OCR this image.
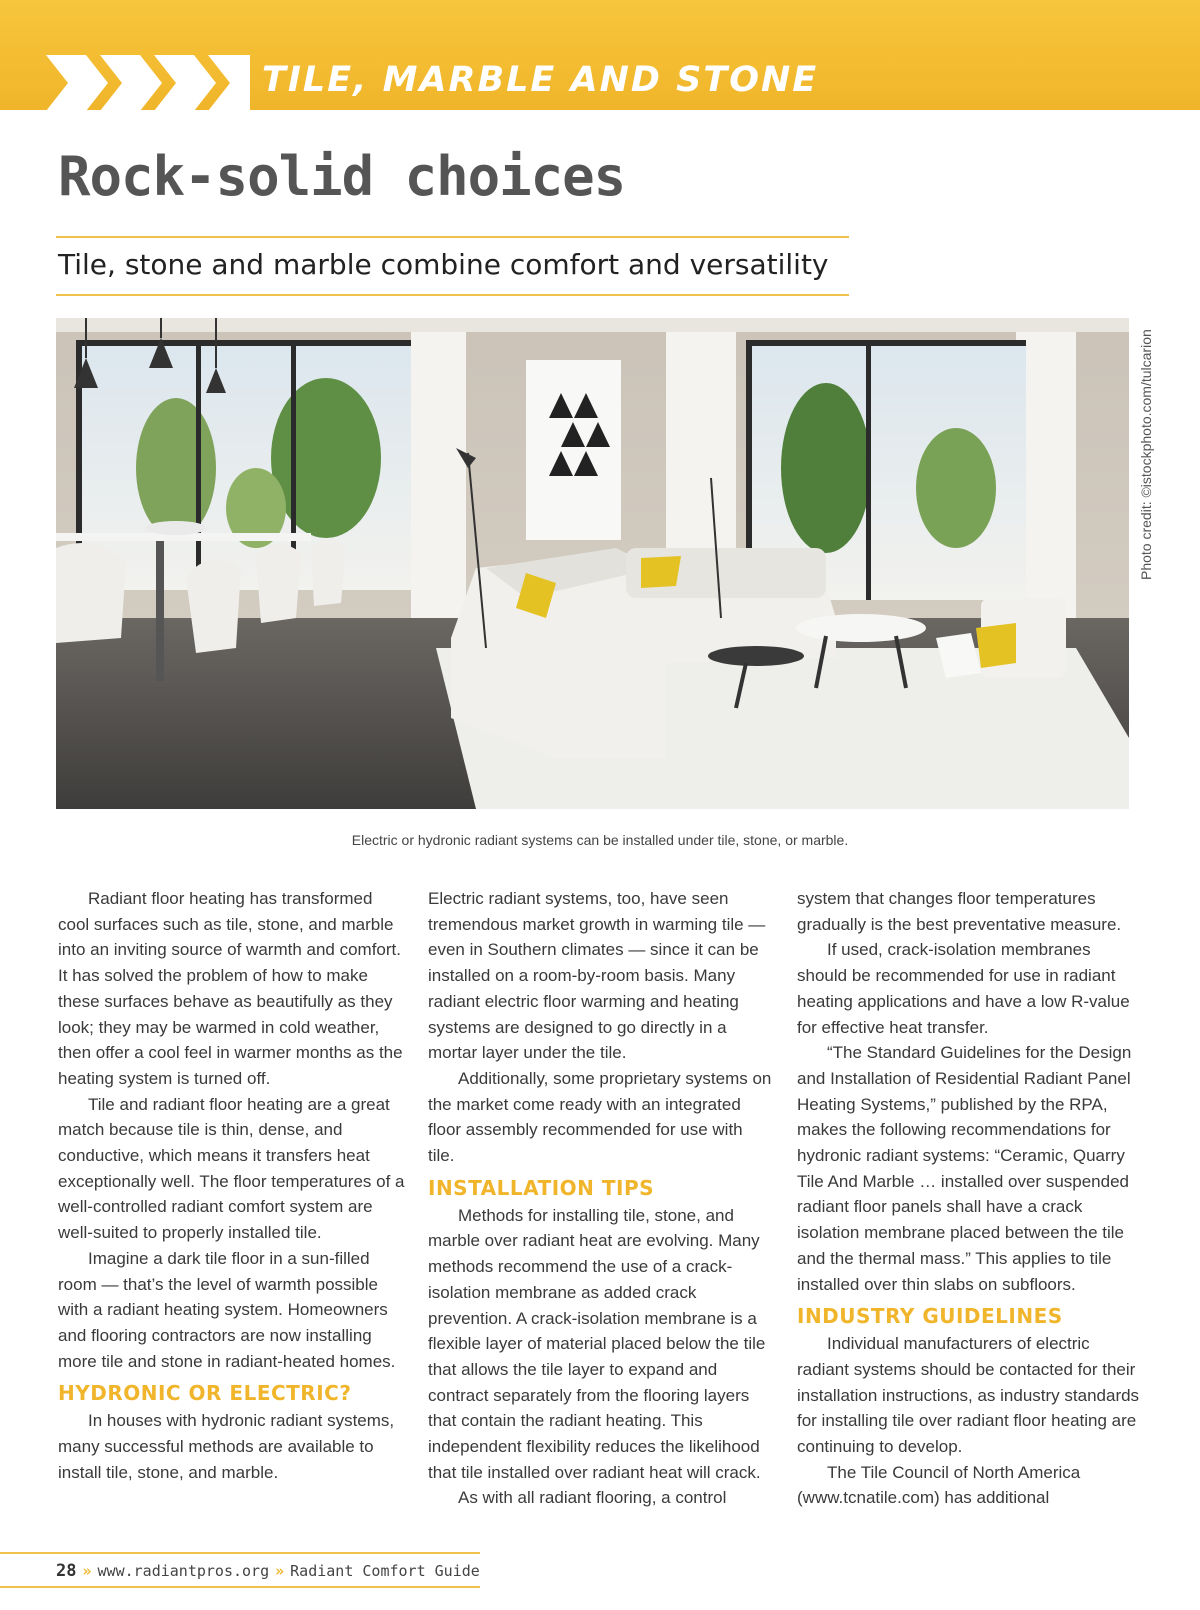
TILE, MARBLE AND STONE
Rock-solid choices
Tile, stone and marble combine comfort and versatility
Photo credit: ©istockphoto.com/tulcarion
Electric or hydronic radiant systems can be installed under tile, stone, or marble.

Radiant floor heating has transformed cool surfaces such as tile, stone, and marble into an inviting source of warmth and comfort. It has solved the problem of how to make these surfaces behave as beautifully as they look; they may be warmed in cold weather, then offer a cool feel in warmer months as the heating system is turned off.

Tile and radiant floor heating are a great match because tile is thin, dense, and conductive, which means it transfers heat exceptionally well. The floor temperatures of a well-controlled radiant comfort system are well-suited to properly installed tile.

Imagine a dark tile floor in a sun-filled room — that’s the level of warmth possible with a radiant heating system. Homeowners and flooring contractors are now installing more tile and stone in radiant-heated homes.

HYDRONIC OR ELECTRIC?

In houses with hydronic radiant systems, many successful methods are available to install tile, stone, and marble.

Electric radiant systems, too, have seen tremendous market growth in warming tile — even in Southern climates — since it can be installed on a room-by-room basis. Many radiant electric floor warming and heating systems are designed to go directly in a mortar layer under the tile.

Additionally, some proprietary systems on the market come ready with an integrated floor assembly recommended for use with tile.

INSTALLATION TIPS

Methods for installing tile, stone, and marble over radiant heat are evolving. Many methods recommend the use of a crack-isolation membrane as added crack prevention. A crack-isolation membrane is a flexible layer of material placed below the tile that allows the tile layer to expand and contract separately from the flooring layers that contain the radiant heating. This independent flexibility reduces the likelihood that tile installed over radiant heat will crack.

As with all radiant flooring, a control

system that changes floor temperatures gradually is the best preventative measure.

If used, crack-isolation membranes should be recommended for use in radiant heating applications and have a low R-value for effective heat transfer.

“The Standard Guidelines for the Design and Installation of Residential Radiant Panel Heating Systems,” published by the RPA, makes the following recommendations for hydronic radiant systems: “Ceramic, Quarry Tile And Marble … installed over suspended radiant floor panels shall have a crack isolation membrane placed between the tile and the thermal mass.” This applies to tile installed over thin slabs on subfloors.

INDUSTRY GUIDELINES

Individual manufacturers of electric radiant systems should be contacted for their installation instructions, as industry standards for installing tile over radiant floor heating are continuing to develop.

The Tile Council of North America (www.tcnatile.com) has additional

28 » www.radiantpros.org » Radiant Comfort Guide
